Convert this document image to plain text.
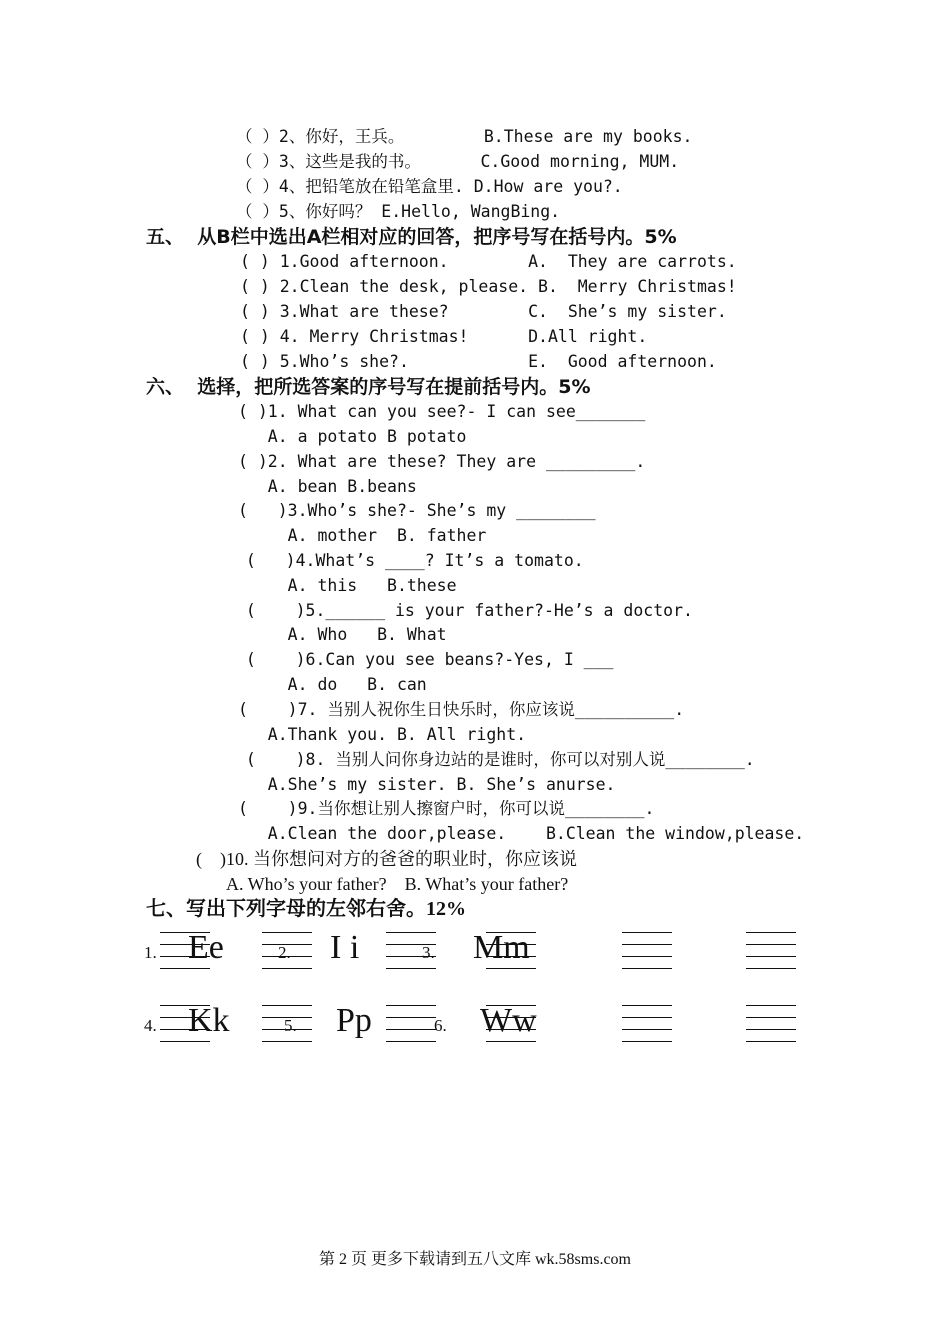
（ ）2、你好，王兵。        B.These are my books.
（ ）3、这些是我的书。      C.Good morning, MUM.
（ ）4、把铅笔放在铅笔盒里. D.How are you?.
（ ）5、你好吗？ E.Hello, WangBing.
五、  从B栏中选出A栏相对应的回答，把序号写在括号内。5%
( ) 1.Good afternoon.        A.  They are carrots.
( ) 2.Clean the desk, please. B.  Merry Christmas!
( ) 3.What are these?        C.  She’s my sister.
( ) 4. Merry Christmas!      D.All right.
( ) 5.Who’s she?.            E.  Good afternoon.
六、  选择，把所选答案的序号写在提前括号内。5%
( )1. What can you see?- I can see_______
A. a potato B potato
( )2. What are these? They are _________.
A. bean B.beans
(   )3.Who’s she?- She’s my ________
A. mother  B. father
(   )4.What’s ____? It’s a tomato.
A. this   B.these
(    )5.______ is your father?-He’s a doctor.
A. Who   B. What
(    )6.Can you see beans?-Yes, I ___
A. do   B. can
(    )7. 当别人祝你生日快乐时，你应该说__________.
A.Thank you. B. All right.
(    )8. 当别人问你身边站的是谁时，你可以对别人说________.
A.She’s my sister. B. She’s anurse.
(    )9.当你想让别人擦窗户时，你可以说________.
A.Clean the door,please.    B.Clean the window,please.
(    )10. 当你想问对方的爸爸的职业时，你应该说
A. Who’s your father?    B. What’s your father?
七、写出下列字母的左邻右舍。12%
1. Ee	2. I i	3. Mm
4. Kk	5. Pp	6. Ww
第 2 页 更多下载请到五八文库 wk.58sms.com
